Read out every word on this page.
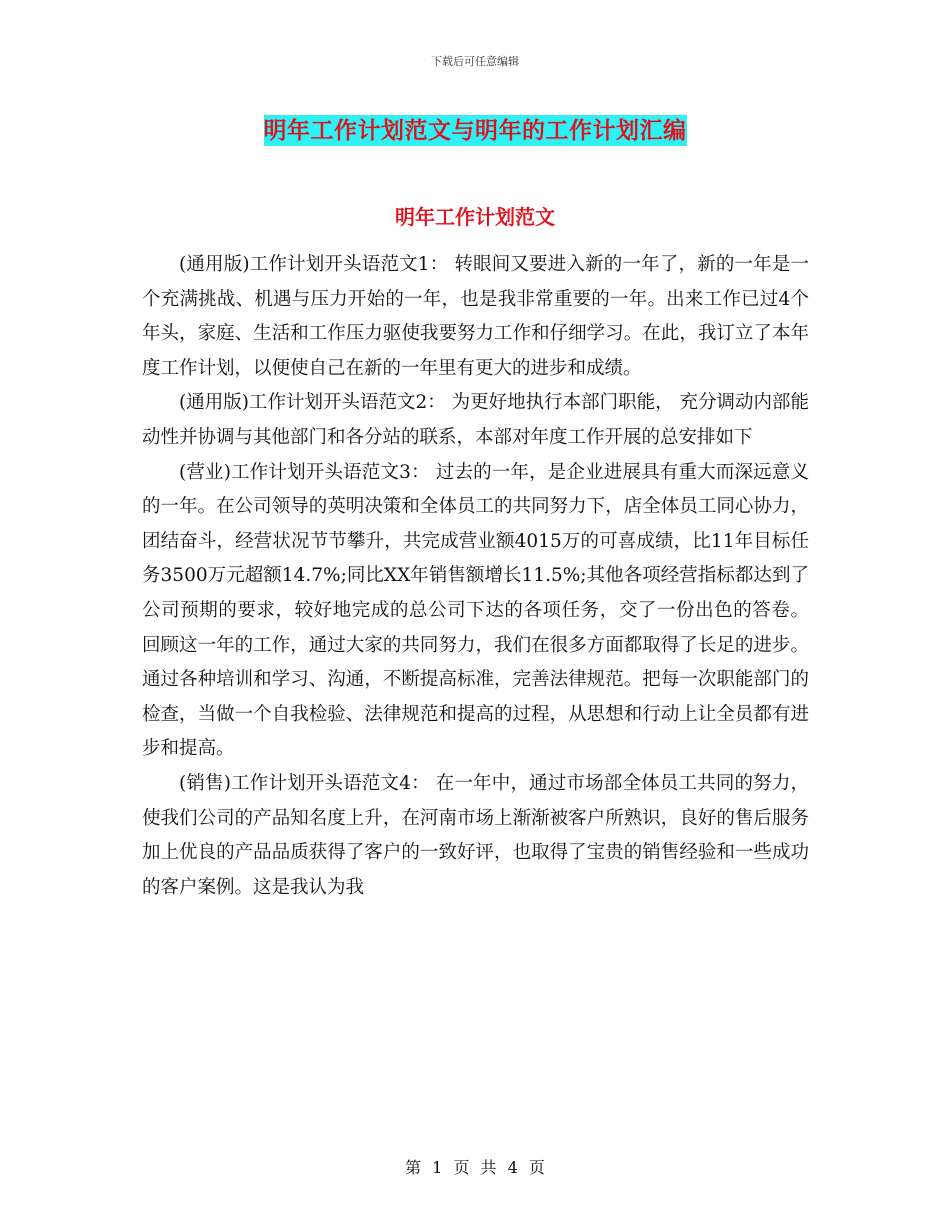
下载后可任意编辑
明年工作计划范文与明年的工作计划汇编
明年工作计划范文

(通用版)工作计划开头语范文1： 转眼间又要进入新的一年了，新的一年是一个充满挑战、机遇与压力开始的一年，也是我非常重要的一年。出来工作已过4个年头，家庭、生活和工作压力驱使我要努力工作和仔细学习。在此，我订立了本年度工作计划，以便使自己在新的一年里有更大的进步和成绩。

(通用版)工作计划开头语范文2： 为更好地执行本部门职能， 充分调动内部能动性并协调与其他部门和各分站的联系，本部对年度工作开展的总安排如下

(营业)工作计划开头语范文3： 过去的一年，是企业进展具有重大而深远意义的一年。在公司领导的英明决策和全体员工的共同努力下，店全体员工同心协力，团结奋斗，经营状况节节攀升，共完成营业额4015万的可喜成绩，比11年目标任务3500万元超额14.7%;同比XX年销售额增长11.5%;其他各项经营指标都达到了公司预期的要求，较好地完成的总公司下达的各项任务，交了一份出色的答卷。 回顾这一年的工作，通过大家的共同努力，我们在很多方面都取得了长足的进步。通过各种培训和学习、沟通，不断提高标准，完善法律规范。把每一次职能部门的检查，当做一个自我检验、法律规范和提高的过程，从思想和行动上让全员都有进步和提高。

(销售)工作计划开头语范文4： 在一年中，通过市场部全体员工共同的努力，使我们公司的产品知名度上升，在河南市场上渐渐被客户所熟识，良好的售后服务加上优良的产品品质获得了客户的一致好评，也取得了宝贵的销售经验和一些成功的客户案例。这是我认为我

第 1 页 共 4 页
